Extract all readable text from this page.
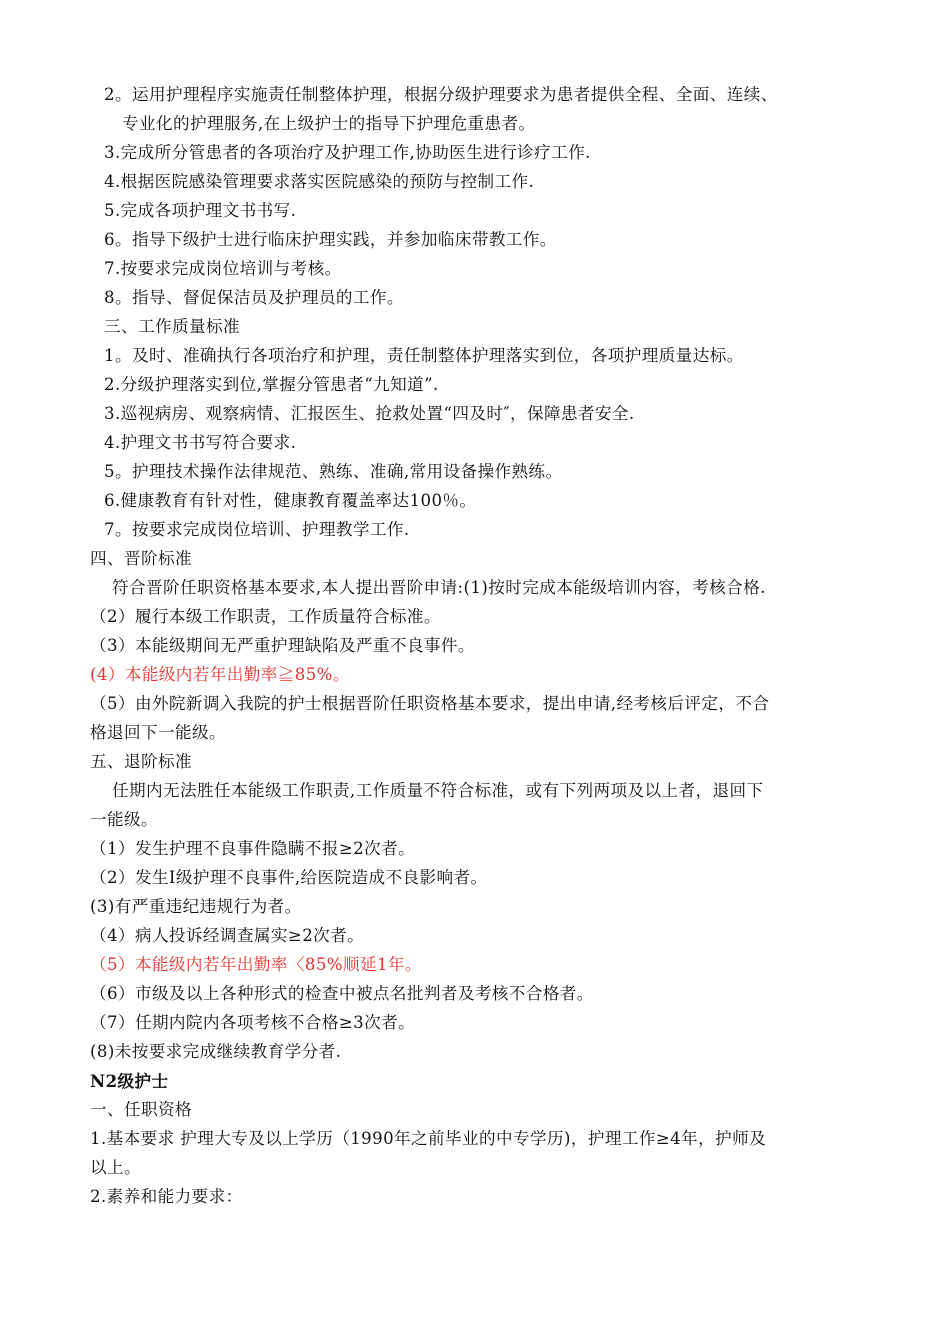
2。运用护理程序实施责任制整体护理，根据分级护理要求为患者提供全程、全面、连续、
专业化的护理服务,在上级护士的指导下护理危重患者。
3.完成所分管患者的各项治疗及护理工作,协助医生进行诊疗工作.
4.根据医院感染管理要求落实医院感染的预防与控制工作.
5.完成各项护理文书书写.
6。指导下级护士进行临床护理实践，并参加临床带教工作。
7.按要求完成岗位培训与考核。
8。指导、督促保洁员及护理员的工作。
三、工作质量标准
1。及时、准确执行各项治疗和护理，责任制整体护理落实到位，各项护理质量达标。
2.分级护理落实到位,掌握分管患者“九知道”.
3.巡视病房、观察病情、汇报医生、抢救处置“四及时″，保障患者安全.
4.护理文书书写符合要求.
5。护理技术操作法律规范、熟练、准确,常用设备操作熟练。
6.健康教育有针对性，健康教育覆盖率达100％。
7。按要求完成岗位培训、护理教学工作.
四、晋阶标准
符合晋阶任职资格基本要求,本人提出晋阶申请:(1)按时完成本能级培训内容，考核合格.
（2）履行本级工作职责，工作质量符合标准。
（3）本能级期间无严重护理缺陷及严重不良事件。
(4）本能级内若年出勤率≧85%。
（5）由外院新调入我院的护士根据晋阶任职资格基本要求，提出申请,经考核后评定，不合
格退回下一能级。
五、退阶标准
任期内无法胜任本能级工作职责,工作质量不符合标准，或有下列两项及以上者，退回下
一能级。
（1）发生护理不良事件隐瞒不报≥2次者。
（2）发生Ⅰ级护理不良事件,给医院造成不良影响者。
(3)有严重违纪违规行为者。
（4）病人投诉经调查属实≥2次者。
（5）本能级内若年出勤率〈85%顺延1年。
（6）市级及以上各种形式的检查中被点名批判者及考核不合格者。
（7）任期内院内各项考核不合格≥3次者。
(8)未按要求完成继续教育学分者.
N2级护士
一、任职资格
1.基本要求 护理大专及以上学历（1990年之前毕业的中专学历)，护理工作≥4年，护师及
以上。
2.素养和能力要求：
